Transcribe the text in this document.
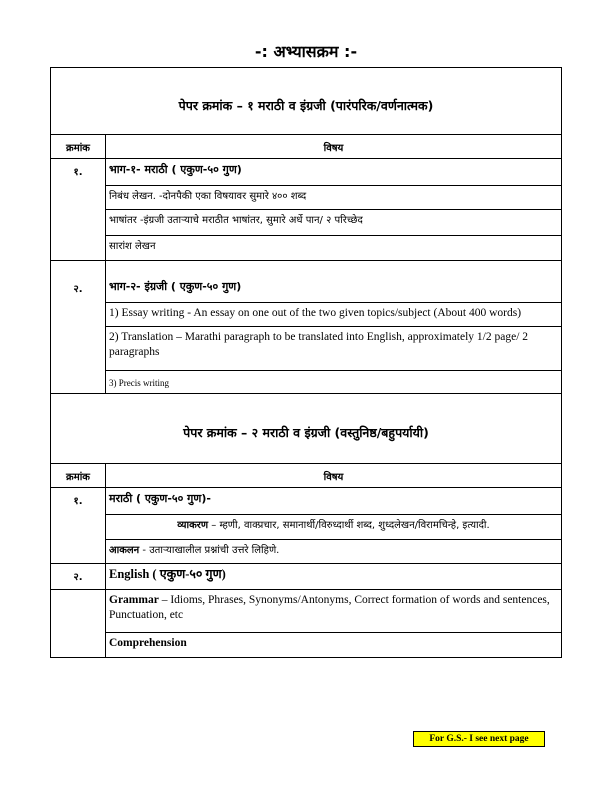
-: अभ्यासक्रम :-
पेपर क्रमांक – १ मराठी व इंग्रजी (पारंपरिक/वर्णनात्मक)
क्रमांक	विषय
१.	भाग-१- मराठी ( एकुण-५० गुण)
निबंध लेखन. -दोनपैकी एका विषयावर सुमारे ४०० शब्द
भाषांतर -इंग्रजी उताऱ्याचे मराठीत भाषांतर, सुमारे अर्धे पान/ २ परिच्छेद
सारांश लेखन
२.	भाग-२- इंग्रजी ( एकुण-५० गुण)
1) Essay writing - An essay on one out of the two given topics/subject (About 400 words)
2) Translation – Marathi paragraph to be translated into English, approximately 1/2 page/ 2 paragraphs
3) Precis writing
पेपर क्रमांक – २ मराठी व इंग्रजी (वस्तुनिष्ठ/बहुपर्यायी)
क्रमांक	विषय
१.	मराठी ( एकुण-५० गुण)-
व्याकरण – म्हणी, वाक्प्रचार, समानार्थी/विरुध्दार्थी शब्द, शुध्दलेखन/विरामचिन्हे, इत्यादी.
आकलन - उताऱ्याखालील प्रश्नांची उत्तरे लिहिणे.
२.	English ( एकुण-५० गुण)
Grammar – Idioms, Phrases, Synonyms/Antonyms, Correct formation of words and sentences, Punctuation, etc
Comprehension
For G.S.- I see next page
